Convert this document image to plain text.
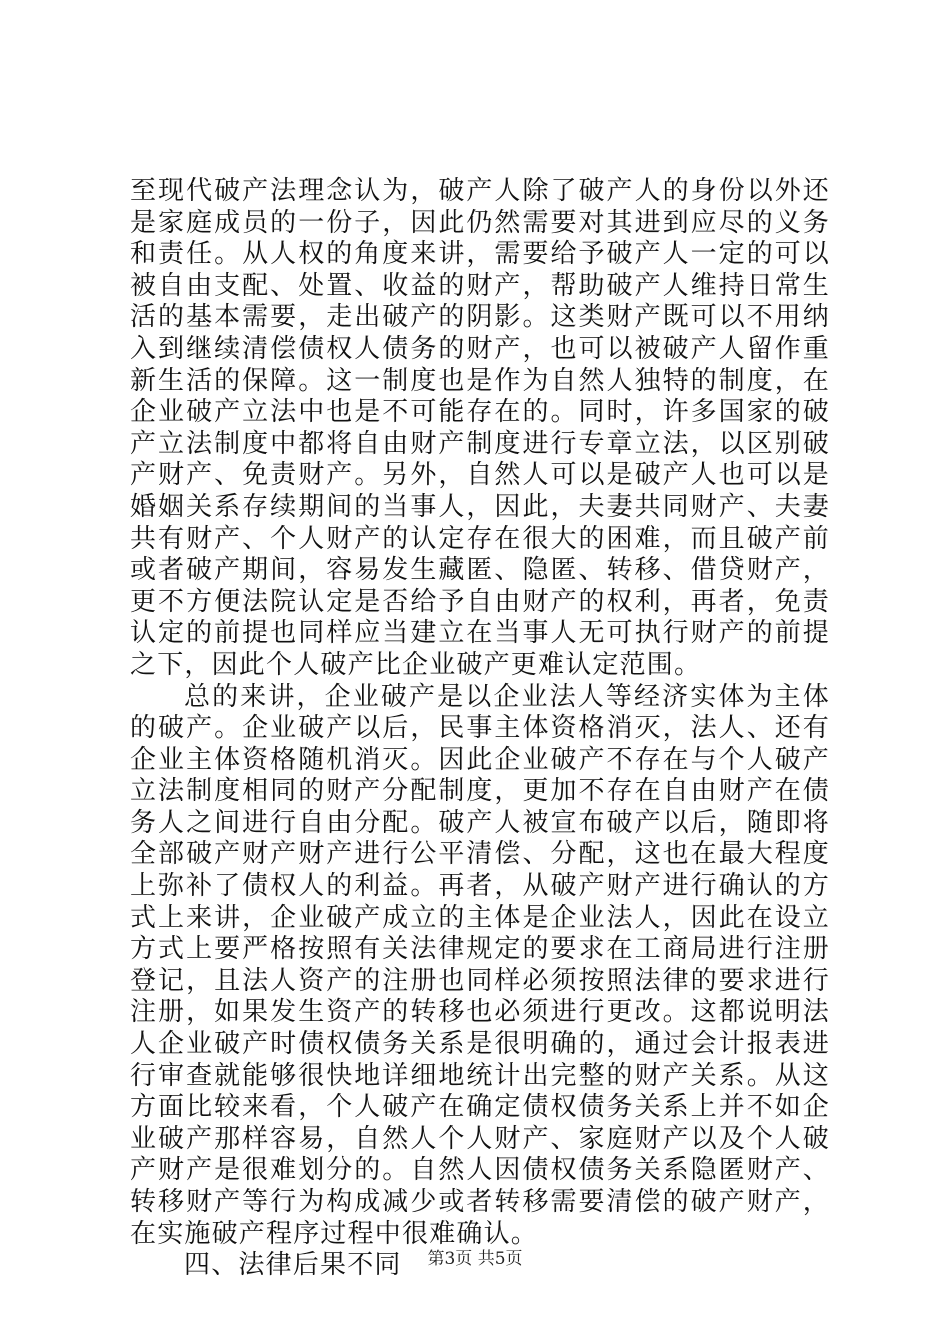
至现代破产法理念认为，破产人除了破产人的身份以外还是家庭成员的一份子，因此仍然需要对其进到应尽的义务和责任。从人权的角度来讲，需要给予破产人一定的可以被自由支配、处置、收益的财产，帮助破产人维持日常生活的基本需要，走出破产的阴影。这类财产既可以不用纳入到继续清偿债权人债务的财产，也可以被破产人留作重新生活的保障。这一制度也是作为自然人独特的制度，在企业破产立法中也是不可能存在的。同时，许多国家的破产立法制度中都将自由财产制度进行专章立法，以区别破产财产、免责财产。另外，自然人可以是破产人也可以是婚姻关系存续期间的当事人，因此，夫妻共同财产、夫妻共有财产、个人财产的认定存在很大的困难，而且破产前或者破产期间，容易发生藏匿、隐匿、转移、借贷财产，更不方便法院认定是否给予自由财产的权利，再者，免责认定的前提也同样应当建立在当事人无可执行财产的前提之下，因此个人破产比企业破产更难认定范围。

总的来讲，企业破产是以企业法人等经济实体为主体的破产。企业破产以后，民事主体资格消灭，法人、还有企业主体资格随机消灭。因此企业破产不存在与个人破产立法制度相同的财产分配制度，更加不存在自由财产在债务人之间进行自由分配。破产人被宣布破产以后，随即将全部破产财产财产进行公平清偿、分配，这也在最大程度上弥补了债权人的利益。再者，从破产财产进行确认的方式上来讲，企业破产成立的主体是企业法人，因此在设立方式上要严格按照有关法律规定的要求在工商局进行注册登记，且法人资产的注册也同样必须按照法律的要求进行注册，如果发生资产的转移也必须进行更改。这都说明法人企业破产时债权债务关系是很明确的，通过会计报表进行审查就能够很快地详细地统计出完整的财产关系。从这方面比较来看，个人破产在确定债权债务关系上并不如企业破产那样容易，自然人个人财产、家庭财产以及个人破产财产是很难划分的。自然人因债权债务关系隐匿财产、转移财产等行为构成减少或者转移需要清偿的破产财产，在实施破产程序过程中很难确认。

四、法律后果不同	第3页 共5页
